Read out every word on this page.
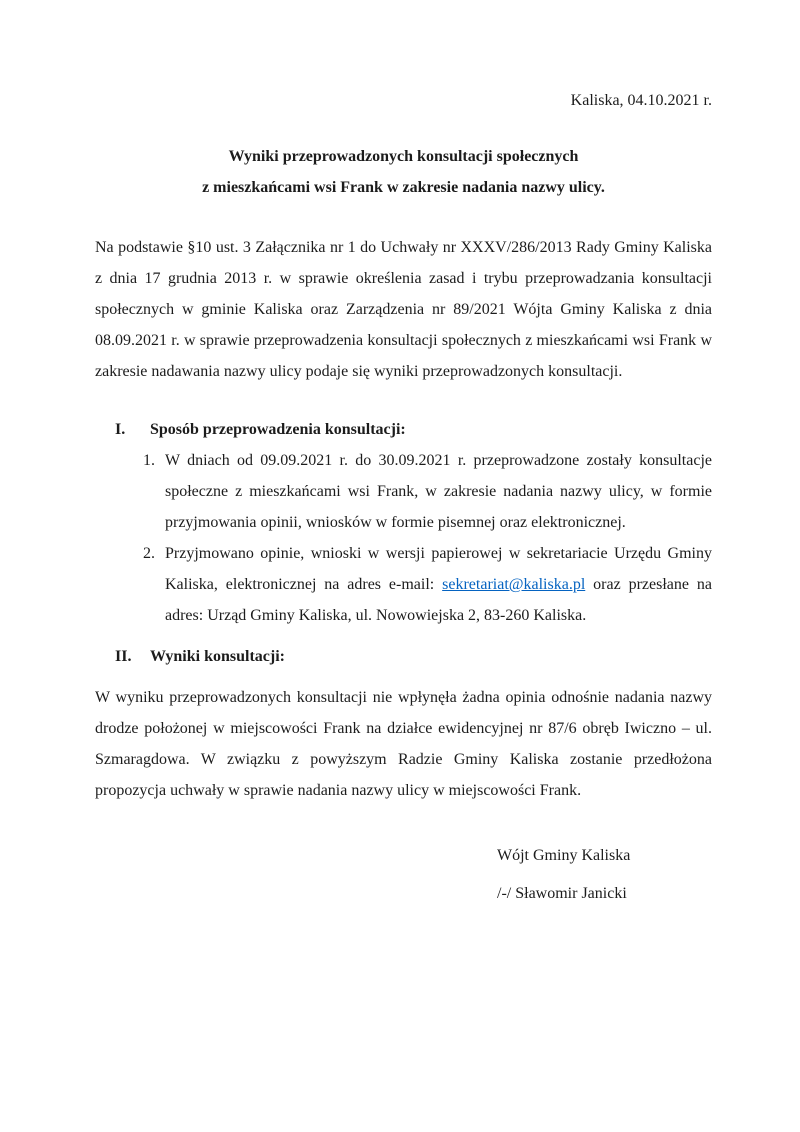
Kaliska, 04.10.2021 r.
Wyniki przeprowadzonych konsultacji społecznych
z mieszkańcami wsi Frank w zakresie nadania nazwy ulicy.

Na podstawie §10 ust. 3 Załącznika nr 1 do Uchwały nr XXXV/286/2013 Rady Gminy Kaliska z dnia 17 grudnia 2013 r. w sprawie określenia zasad i trybu przeprowadzania konsultacji społecznych w gminie Kaliska oraz Zarządzenia nr 89/2021 Wójta Gminy Kaliska z dnia 08.09.2021 r. w sprawie przeprowadzenia konsultacji społecznych z mieszkańcami wsi Frank w zakresie nadawania nazwy ulicy podaje się wyniki przeprowadzonych konsultacji.

I.	Sposób przeprowadzenia konsultacji:
1. W dniach od 09.09.2021 r. do 30.09.2021 r. przeprowadzone zostały konsultacje społeczne z mieszkańcami wsi Frank, w zakresie nadania nazwy ulicy, w formie przyjmowania opinii, wniosków w formie pisemnej oraz elektronicznej.
2. Przyjmowano opinie, wnioski w wersji papierowej w sekretariacie Urzędu Gminy Kaliska, elektronicznej na adres e-mail: sekretariat@kaliska.pl oraz przesłane na adres: Urząd Gminy Kaliska, ul. Nowowiejska 2, 83-260 Kaliska.
II.	Wyniki konsultacji:

W wyniku przeprowadzonych konsultacji nie wpłynęła żadna opinia odnośnie nadania nazwy drodze położonej w miejscowości Frank na działce ewidencyjnej nr 87/6 obręb Iwiczno – ul. Szmaragdowa. W związku z powyższym Radzie Gminy Kaliska zostanie przedłożona propozycja uchwały w sprawie nadania nazwy ulicy w miejscowości Frank.

Wójt Gminy Kaliska
/-/ Sławomir Janicki
